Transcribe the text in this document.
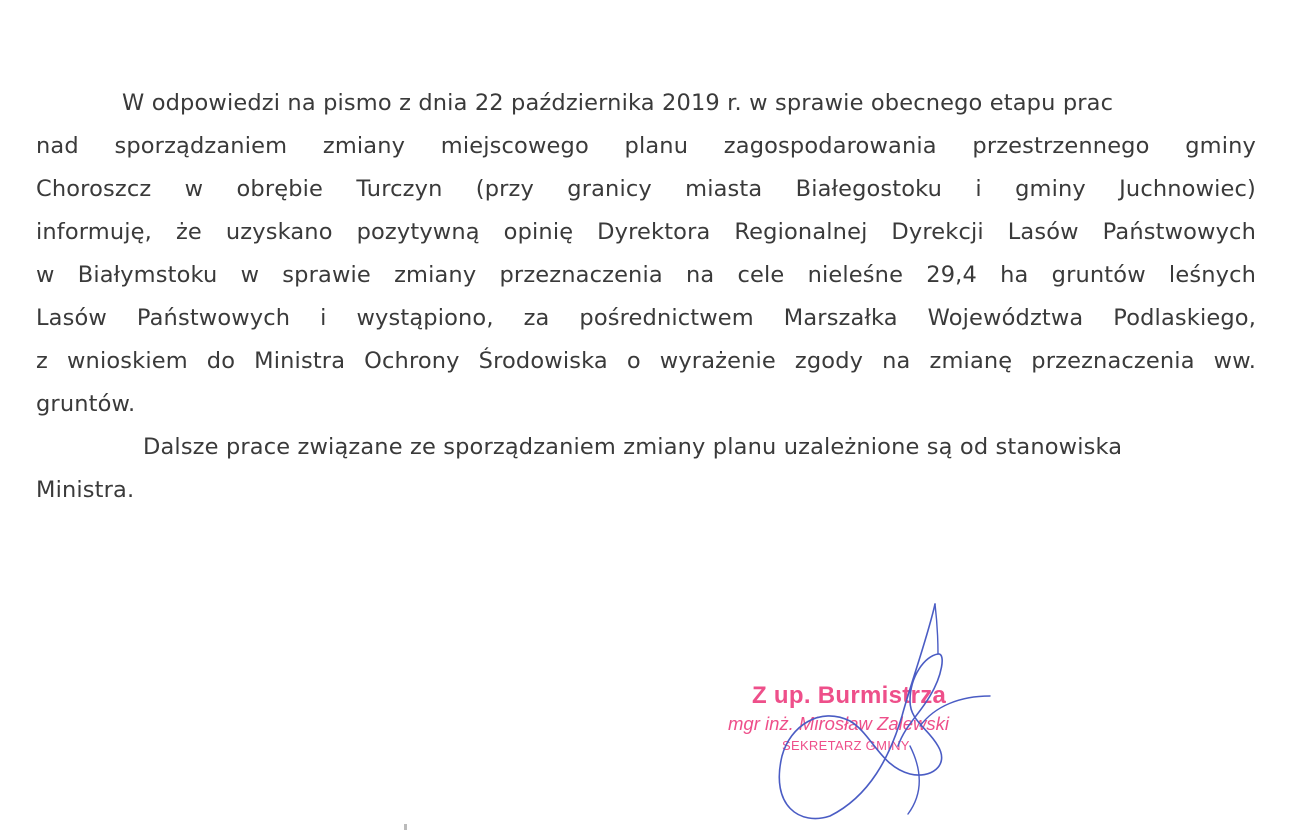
W odpowiedzi na pismo z dnia 22 października 2019 r. w sprawie obecnego etapu prac
nad sporządzaniem zmiany miejscowego planu zagospodarowania przestrzennego gminy
Choroszcz w obrębie Turczyn (przy granicy miasta Białegostoku i gminy Juchnowiec)
informuję, że uzyskano pozytywną opinię Dyrektora Regionalnej Dyrekcji Lasów Państwowych
w Białymstoku w sprawie zmiany przeznaczenia na cele nieleśne 29,4 ha gruntów leśnych
Lasów Państwowych i wystąpiono, za pośrednictwem Marszałka Województwa Podlaskiego,
z wnioskiem do Ministra Ochrony Środowiska o wyrażenie zgody na zmianę przeznaczenia ww.
gruntów.
Dalsze prace związane ze sporządzaniem zmiany planu uzależnione są od stanowiska
Ministra.
Z up. Burmistrza
mgr inż. Mirosław Zalewski
SEKRETARZ GMINY
